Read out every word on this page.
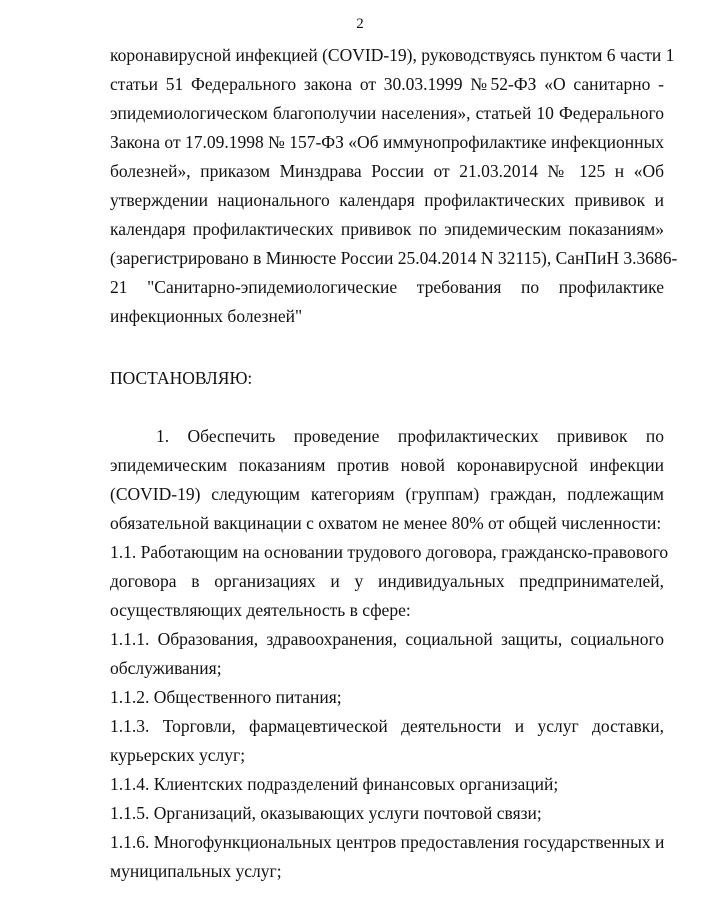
2
коронавирусной инфекцией (COVID-19), руководствуясь пунктом 6 части 1
статьи 51 Федерального закона от 30.03.1999 №52-ФЗ «О санитарно -
эпидемиологическом благополучии населения», статьей 10 Федерального
Закона от 17.09.1998 № 157-ФЗ «Об иммунопрофилактике инфекционных
болезней», приказом Минздрава России от 21.03.2014 № 125 н «Об
утверждении национального календаря профилактических прививок и
календаря профилактических прививок по эпидемическим показаниям»
(зарегистрировано в Минюсте России 25.04.2014 N 32115), СанПиН 3.3686-
21 "Санитарно-эпидемиологические требования по профилактике
инфекционных болезней"
ПОСТАНОВЛЯЮ:
1. Обеспечить проведение профилактических прививок по
эпидемическим показаниям против новой коронавирусной инфекции
(COVID-19) следующим категориям (группам) граждан, подлежащим
обязательной вакцинации с охватом не менее 80% от общей численности:
1.1. Работающим на основании трудового договора, гражданско-правового
договора в организациях и у индивидуальных предпринимателей,
осуществляющих деятельность в сфере:
1.1.1. Образования, здравоохранения, социальной защиты, социального
обслуживания;
1.1.2. Общественного питания;
1.1.3. Торговли, фармацевтической деятельности и услуг доставки,
курьерских услуг;
1.1.4. Клиентских подразделений финансовых организаций;
1.1.5. Организаций, оказывающих услуги почтовой связи;
1.1.6. Многофункциональных центров предоставления государственных и
муниципальных услуг;
